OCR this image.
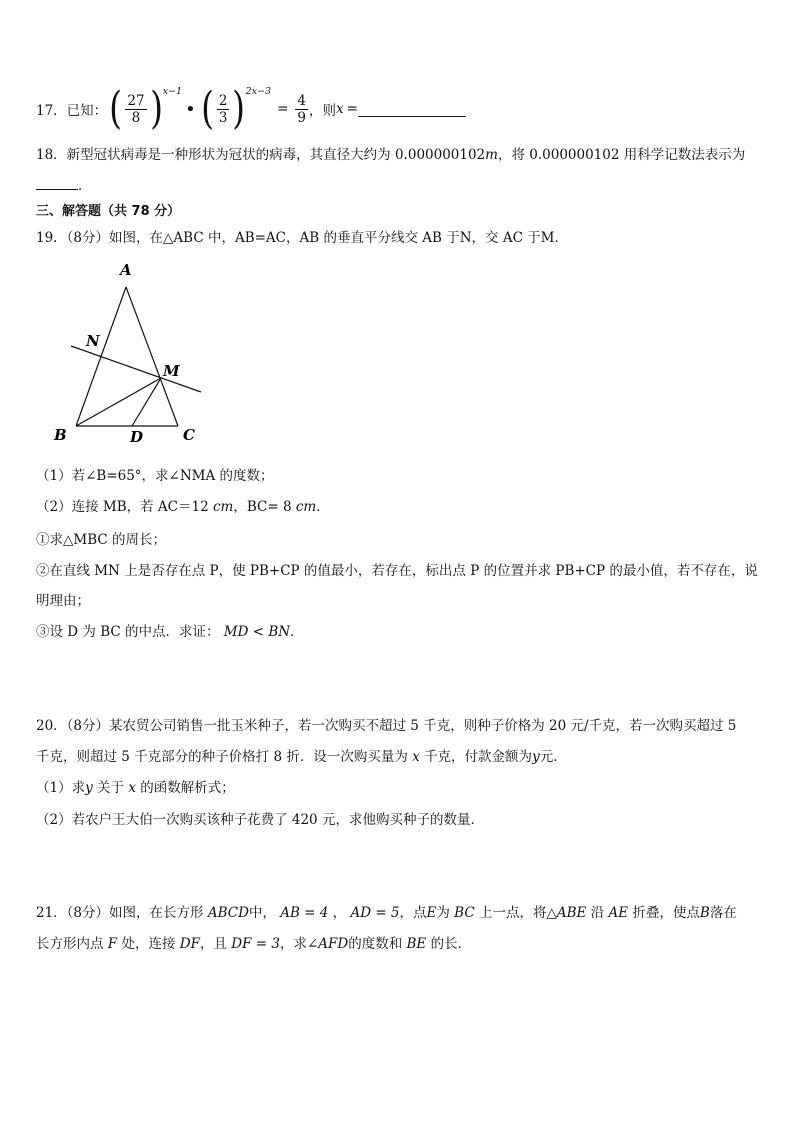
17．已知： ( $\frac{27}{8}$ ) x−1
• ( $\frac{2}{3}$ ) 2x−3
= $\frac{4}{9}$ ，则 x =
18．新型冠状病毒是一种形状为冠状的病毒，其直径大约为 0.000000102m，将 0.000000102 用科学记数法表示为
．
三、解答题（共 78 分）
19．（8分）如图，在△ABC 中，AB=AC，AB 的垂直平分线交 AB 于N，交 AC 于M．
A
N
M
B	D	C
（1）若∠B=65°，求∠NMA 的度数；
（2）连接 MB，若 AC＝12 cm，BC= 8 cm．
①求△MBC 的周长；
②在直线 MN 上是否存在点 P，使 PB+CP 的值最小，若存在，标出点 P 的位置并求 PB+CP 的最小值，若不存在，说
明理由；
③设 D 为 BC 的中点．求证： MD < BN．
20．（8分）某农贸公司销售一批玉米种子，若一次购买不超过 5 千克，则种子价格为 20 元/千克，若一次购买超过 5
千克，则超过 5 千克部分的种子价格打 8 折．设一次购买量为 x 千克，付款金额为y元．
（1）求y 关于 x 的函数解析式；
（2）若农户王大伯一次购买该种子花费了 420 元，求他购买种子的数量．
21．（8分）如图，在长方形 ABCD中， AB = 4 ， AD = 5，点E为 BC 上一点，将△ABE 沿 AE 折叠，使点B落在
长方形内点 F 处，连接 DF，且 DF = 3，求∠AFD的度数和 BE 的长．
